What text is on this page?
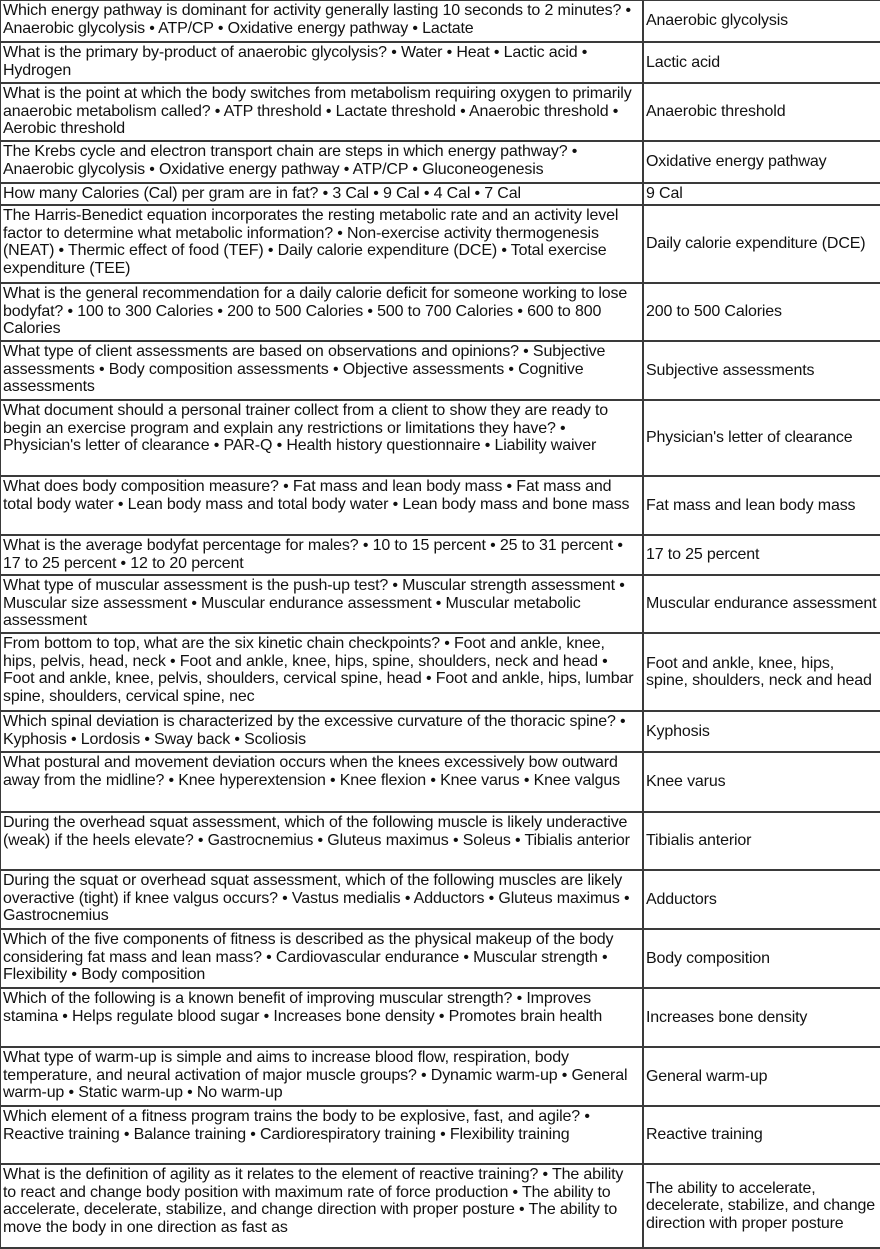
Which energy pathway is dominant for activity generally lasting 10 seconds to 2 minutes? • Anaerobic glycolysis • ATP/CP • Oxidative energy pathway • Lactate	Anaerobic glycolysis
What is the primary by-product of anaerobic glycolysis? • Water • Heat • Lactic acid • Hydrogen	Lactic acid
What is the point at which the body switches from metabolism requiring oxygen to primarily anaerobic metabolism called? • ATP threshold • Lactate threshold • Anaerobic threshold • Aerobic threshold	Anaerobic threshold
The Krebs cycle and electron transport chain are steps in which energy pathway? • Anaerobic glycolysis • Oxidative energy pathway • ATP/CP • Gluconeogenesis	Oxidative energy pathway
How many Calories (Cal) per gram are in fat? • 3 Cal • 9 Cal • 4 Cal • 7 Cal	9 Cal
The Harris-Benedict equation incorporates the resting metabolic rate and an activity level factor to determine what metabolic information? • Non-exercise activity thermogenesis (NEAT) • Thermic effect of food (TEF) • Daily calorie expenditure (DCE) • Total exercise expenditure (TEE)	Daily calorie expenditure (DCE)
What is the general recommendation for a daily calorie deficit for someone working to lose bodyfat? • 100 to 300 Calories • 200 to 500 Calories • 500 to 700 Calories • 600 to 800 Calories	200 to 500 Calories
What type of client assessments are based on observations and opinions? • Subjective assessments • Body composition assessments • Objective assessments • Cognitive assessments	Subjective assessments
What document should a personal trainer collect from a client to show they are ready to begin an exercise program and explain any restrictions or limitations they have? • Physician's letter of clearance • PAR-Q • Health history questionnaire • Liability waiver	Physician's letter of clearance
What does body composition measure? • Fat mass and lean body mass • Fat mass and total body water • Lean body mass and total body water • Lean body mass and bone mass	Fat mass and lean body mass
What is the average bodyfat percentage for males? • 10 to 15 percent • 25 to 31 percent • 17 to 25 percent • 12 to 20 percent	17 to 25 percent
What type of muscular assessment is the push-up test? • Muscular strength assessment • Muscular size assessment • Muscular endurance assessment • Muscular metabolic assessment	Muscular endurance assessment
From bottom to top, what are the six kinetic chain checkpoints? • Foot and ankle, knee, hips, pelvis, head, neck • Foot and ankle, knee, hips, spine, shoulders, neck and head • Foot and ankle, knee, pelvis, shoulders, cervical spine, head • Foot and ankle, hips, lumbar spine, shoulders, cervical spine, nec	Foot and ankle, knee, hips, spine, shoulders, neck and head
Which spinal deviation is characterized by the excessive curvature of the thoracic spine? • Kyphosis • Lordosis • Sway back • Scoliosis	Kyphosis
What postural and movement deviation occurs when the knees excessively bow outward away from the midline? • Knee hyperextension • Knee flexion • Knee varus • Knee valgus	Knee varus
During the overhead squat assessment, which of the following muscle is likely underactive (weak) if the heels elevate? • Gastrocnemius • Gluteus maximus • Soleus • Tibialis anterior	Tibialis anterior
During the squat or overhead squat assessment, which of the following muscles are likely overactive (tight) if knee valgus occurs? • Vastus medialis • Adductors • Gluteus maximus • Gastrocnemius	Adductors
Which of the five components of fitness is described as the physical makeup of the body considering fat mass and lean mass? • Cardiovascular endurance • Muscular strength • Flexibility • Body composition	Body composition
Which of the following is a known benefit of improving muscular strength? • Improves stamina • Helps regulate blood sugar • Increases bone density • Promotes brain health	Increases bone density
What type of warm-up is simple and aims to increase blood flow, respiration, body temperature, and neural activation of major muscle groups? • Dynamic warm-up • General warm-up • Static warm-up • No warm-up	General warm-up
Which element of a fitness program trains the body to be explosive, fast, and agile? • Reactive training • Balance training • Cardiorespiratory training • Flexibility training	Reactive training
What is the definition of agility as it relates to the element of reactive training? • The ability to react and change body position with maximum rate of force production • The ability to accelerate, decelerate, stabilize, and change direction with proper posture • The ability to move the body in one direction as fast as	The ability to accelerate, decelerate, stabilize, and change direction with proper posture
